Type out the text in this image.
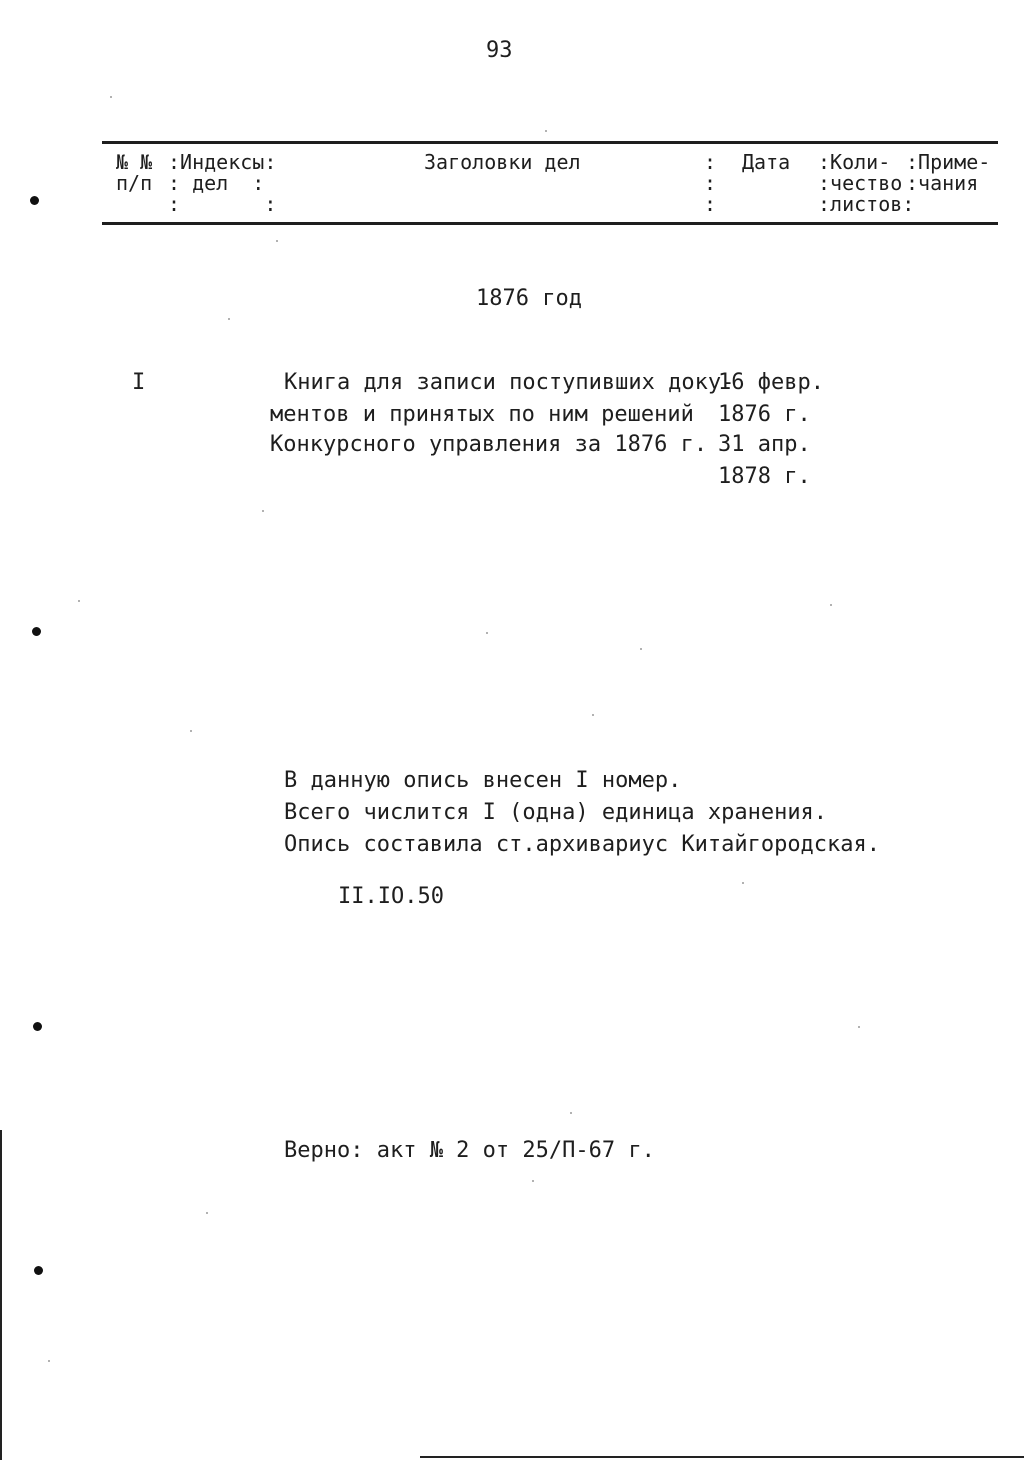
93
№ №
п/п
:Индексы:
: дел  :
:       :
Заголовки дел	:
:
:
Дата :Коли-
:чество
:листов:
:Приме-
:чания
1876 год
I	Книга для записи поступивших доку-
ментов и принятых по ним решений
Конкурсного управления за 1876 г.
16 февр.
1876 г.
31 апр.
1878 г.
В данную опись внесен I номер.
Всего числится I (одна) единица хранения.
Опись составила ст.архивариус Китайгородская.
II.IO.50
Верно: акт № 2 от 25/П-67 г.
